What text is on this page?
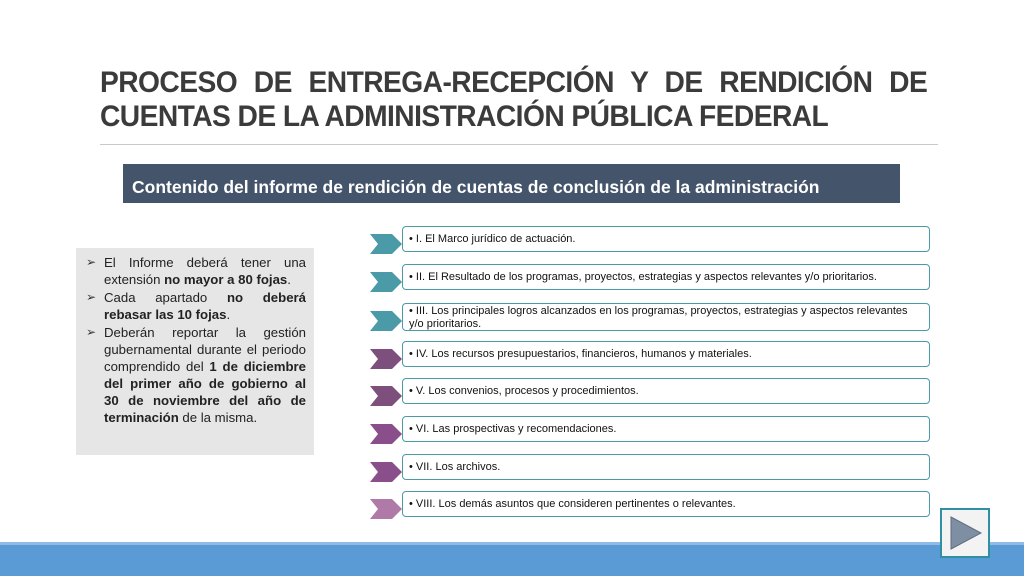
PROCESO DE ENTREGA-RECEPCIÓN Y DE RENDICIÓN DE
CUENTAS DE LA ADMINISTRACIÓN PÚBLICA FEDERAL
Contenido del informe de rendición de cuentas de conclusión de la administración
➢ El Informe deberá tener una extensión no mayor a 80 fojas.
➢ Cada apartado no deberá rebasar las 10 fojas.
➢ Deberán reportar la gestión gubernamental durante el periodo comprendido del 1 de diciembre del primer año de gobierno al 30 de noviembre del año de terminación de la misma.
• I. El Marco jurídico de actuación.
• II. El Resultado de los programas, proyectos, estrategias y aspectos relevantes y/o prioritarios.
• III. Los principales logros alcanzados en los programas, proyectos, estrategias y aspectos relevantes y/o prioritarios.
• IV. Los recursos presupuestarios, financieros, humanos y materiales.
• V. Los convenios, procesos y procedimientos.
• VI. Las prospectivas y recomendaciones.
• VII. Los archivos.
• VIII. Los demás asuntos que consideren pertinentes o relevantes.
